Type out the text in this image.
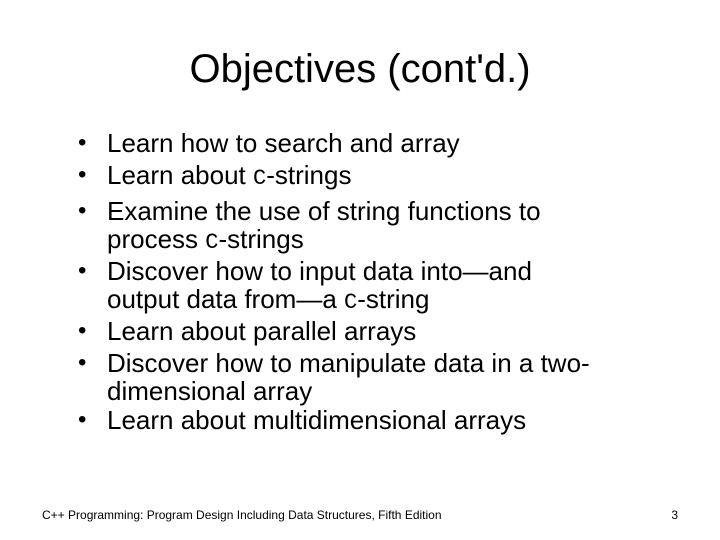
Objectives (cont'd.)
• Learn how to search and array
• Learn about C-strings
• Examine the use of string functions to
process C-strings
• Discover how to input data into—and
output data from—a C-string
• Learn about parallel arrays
• Discover how to manipulate data in a two-
dimensional array
• Learn about multidimensional arrays

C++ Programming: Program Design Including Data Structures, Fifth Edition	3
